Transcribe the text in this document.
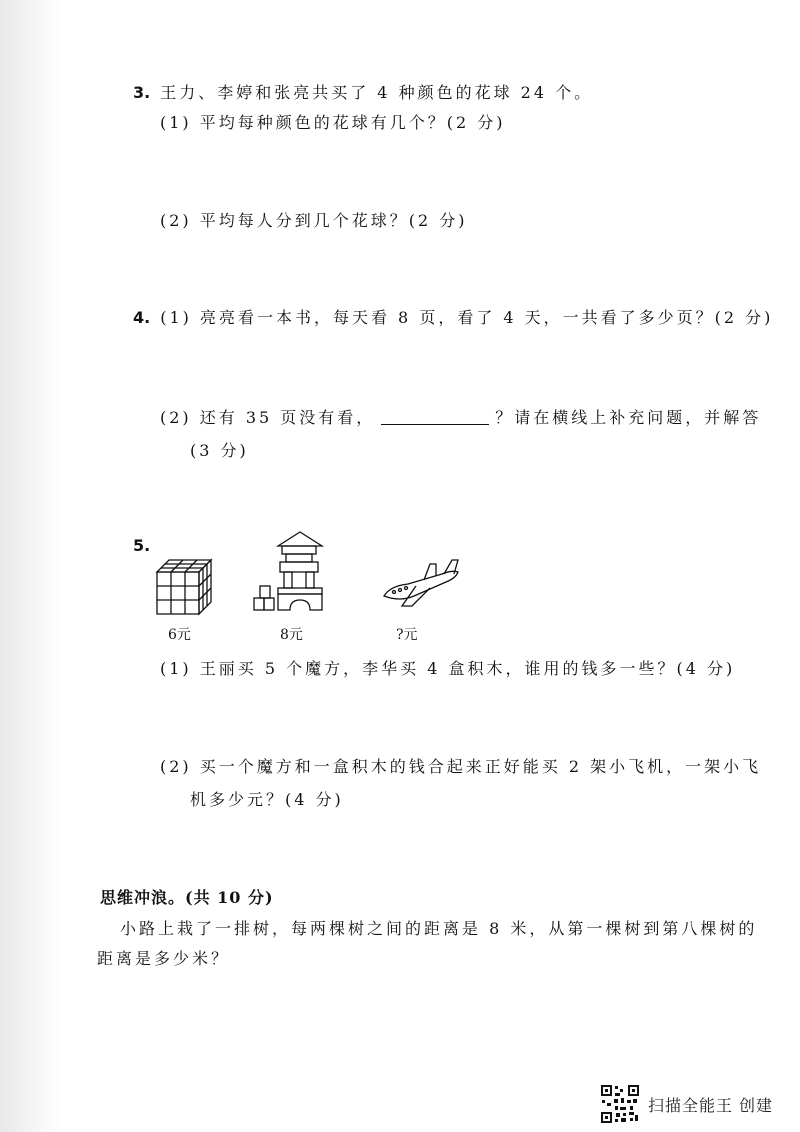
3. 王力、李婷和张亮共买了 4 种颜色的花球 24 个。
(1) 平均每种颜色的花球有几个？(2 分)
(2) 平均每人分到几个花球？(2 分)
4. (1) 亮亮看一本书，每天看 8 页，看了 4 天，一共看了多少页？(2 分)
(2) 还有 35 页没有看，	？请在横线上补充问题，并解答
(3 分)
5.
6元	8元	?元
(1) 王丽买 5 个魔方，李华买 4 盒积木，谁用的钱多一些？(4 分)
(2) 买一个魔方和一盒积木的钱合起来正好能买 2 架小飞机，一架小飞
机多少元？(4 分)
思维冲浪。(共 10 分)
小路上栽了一排树，每两棵树之间的距离是 8 米，从第一棵树到第八棵树的
距离是多少米？
扫描全能王 创建
